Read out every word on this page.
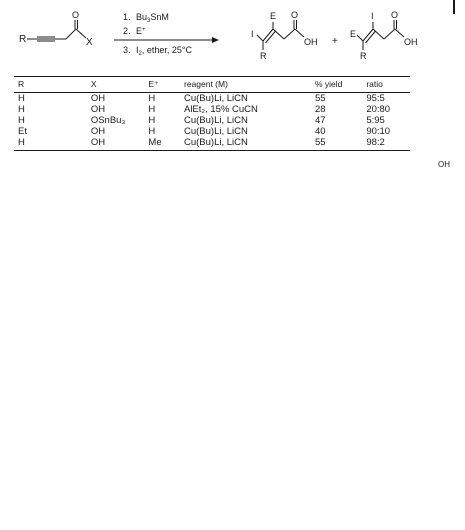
R
O
X
1. $Bu_3SnM$
2. E+
3. $I_2$, ether, 25°C
I
E
R
O
OH +
E
I
R
O
OH
R	X	E⁺	reagent (M)	% yield	ratio
H	OH	H	Cu(Bu)Li, LiCN	55	95:5
H	OH	H	AlEt₂, 15% CuCN	28	20:80
H	OSnBu₃	H	Cu(Bu)Li, LiCN	47	5:95
Et	OH	H	Cu(Bu)Li, LiCN	40	90:10
H	OH	Me	Cu(Bu)Li, LiCN	55	98:2
OH
